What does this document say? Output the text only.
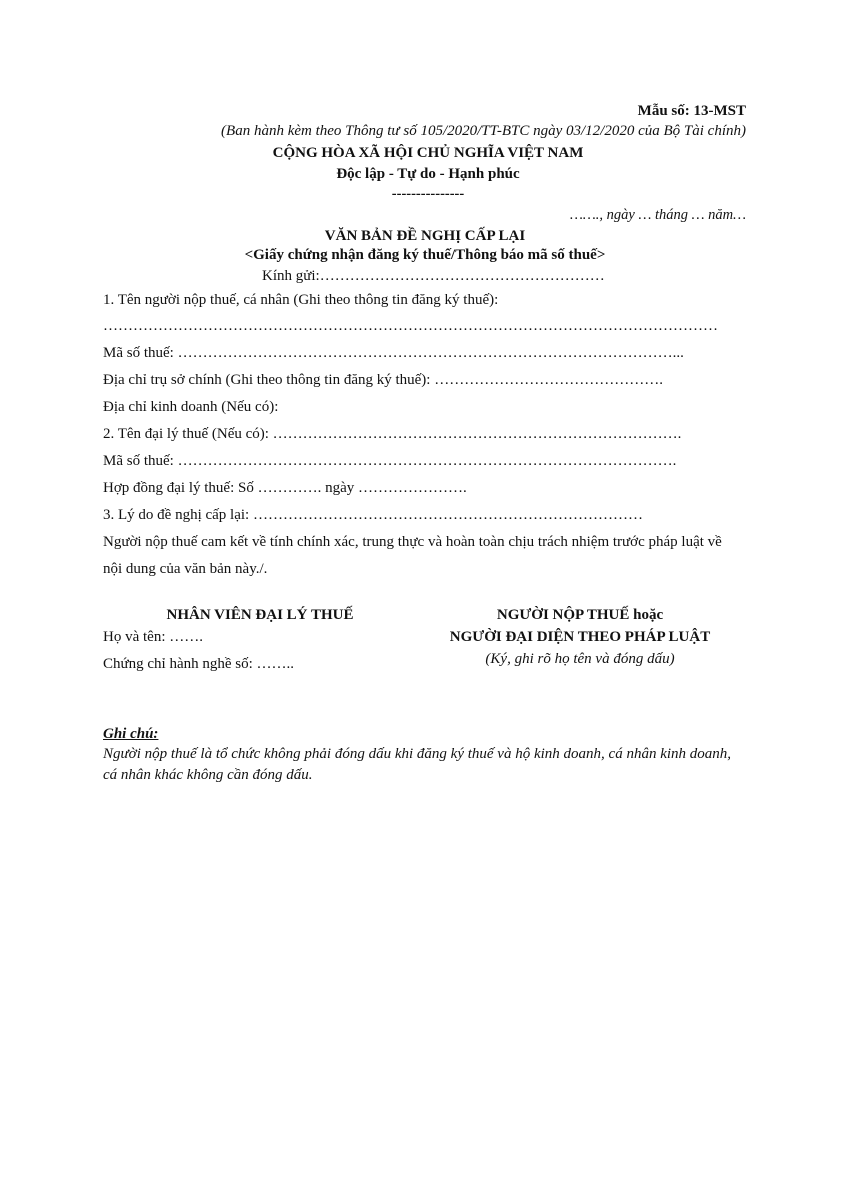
Mẫu số: 13-MST
(Ban hành kèm theo Thông tư số 105/2020/TT-BTC ngày 03/12/2020 của Bộ Tài chính)
CỘNG HÒA XÃ HỘI CHỦ NGHĨA VIỆT NAM
Độc lập - Tự do - Hạnh phúc
---------------
……., ngày … tháng … năm…
VĂN BẢN ĐỀ NGHỊ CẤP LẠI
<Giấy chứng nhận đăng ký thuế/Thông báo mã số thuế>
Kính gửi:…………………………………………………
1. Tên người nộp thuế, cá nhân (Ghi theo thông tin đăng ký thuế):
……………………………………………………………………………………………………………
Mã số thuế: ………………………………………………………………………………………...
Địa chỉ trụ sở chính (Ghi theo thông tin đăng ký thuế): ……………………………………….
Địa chỉ kinh doanh (Nếu có):
2. Tên đại lý thuế (Nếu có): ……………………………………………………………………….
Mã số thuế: ……………………………………………………………………………………….
Hợp đồng đại lý thuế: Số …………. ngày ………………….
3. Lý do đề nghị cấp lại: ……………………………………………………………………
Người nộp thuế cam kết về tính chính xác, trung thực và hoàn toàn chịu trách nhiệm trước pháp luật về
nội dung của văn bản này./.
NHÂN VIÊN ĐẠI LÝ THUẾ
Họ và tên: …….
Chứng chỉ hành nghề số: ……..
NGƯỜI NỘP THUẾ hoặc
NGƯỜI ĐẠI DIỆN THEO PHÁP LUẬT
(Ký, ghi rõ họ tên và đóng dấu)
Ghi chú:
Người nộp thuế là tổ chức không phải đóng dấu khi đăng ký thuế và hộ kinh doanh, cá nhân kinh doanh,
cá nhân khác không cần đóng dấu.
